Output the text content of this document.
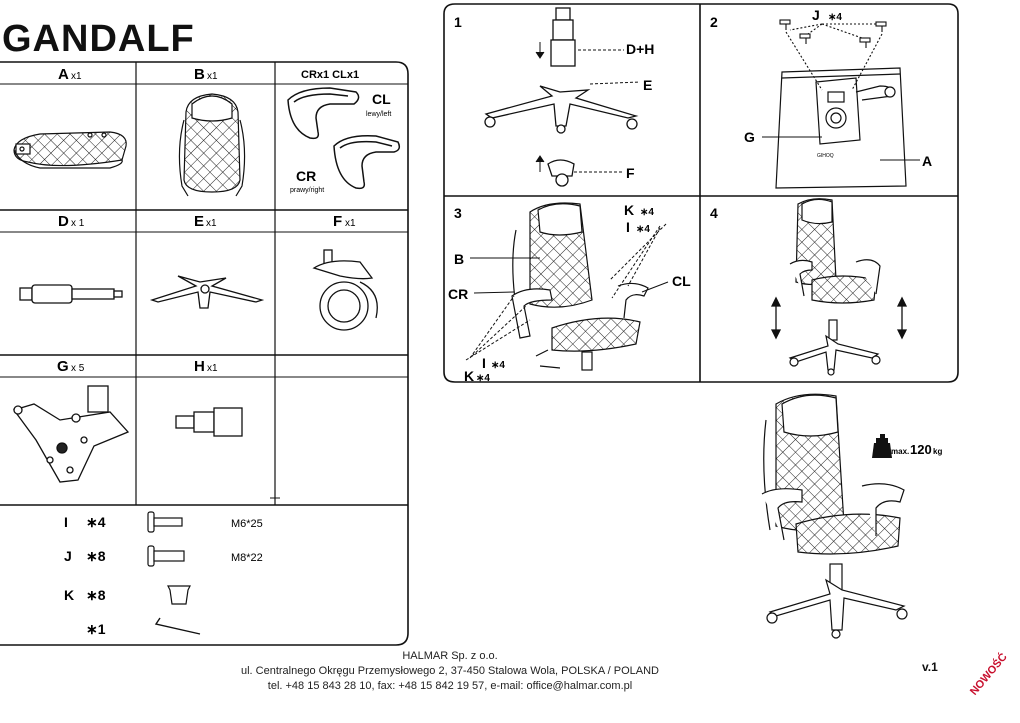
GANDALF
A x1	B x1	CRx1 CLx1
D x 1	E x1	F x1
G x 5	H x1
CL
lewy/left
CR
prawy/right
I ∗4	M6*25
J ∗8	M8*22
K ∗8
∗1
1
D+H
E
F
2	J ∗4
GIHOQ
G
A
3	K ∗4
I ∗4
B
CR
CL
I ∗4
K ∗4
4
max. 120 kg
HALMAR Sp. z o.o.
ul. Centralnego Okręgu Przemysłowego 2, 37-450 Stalowa Wola, POLSKA / POLAND
tel. +48 15 843 28 10, fax: +48 15 842 19 57, e-mail: office@halmar.com.pl
v.1	NOWOŚĆ
